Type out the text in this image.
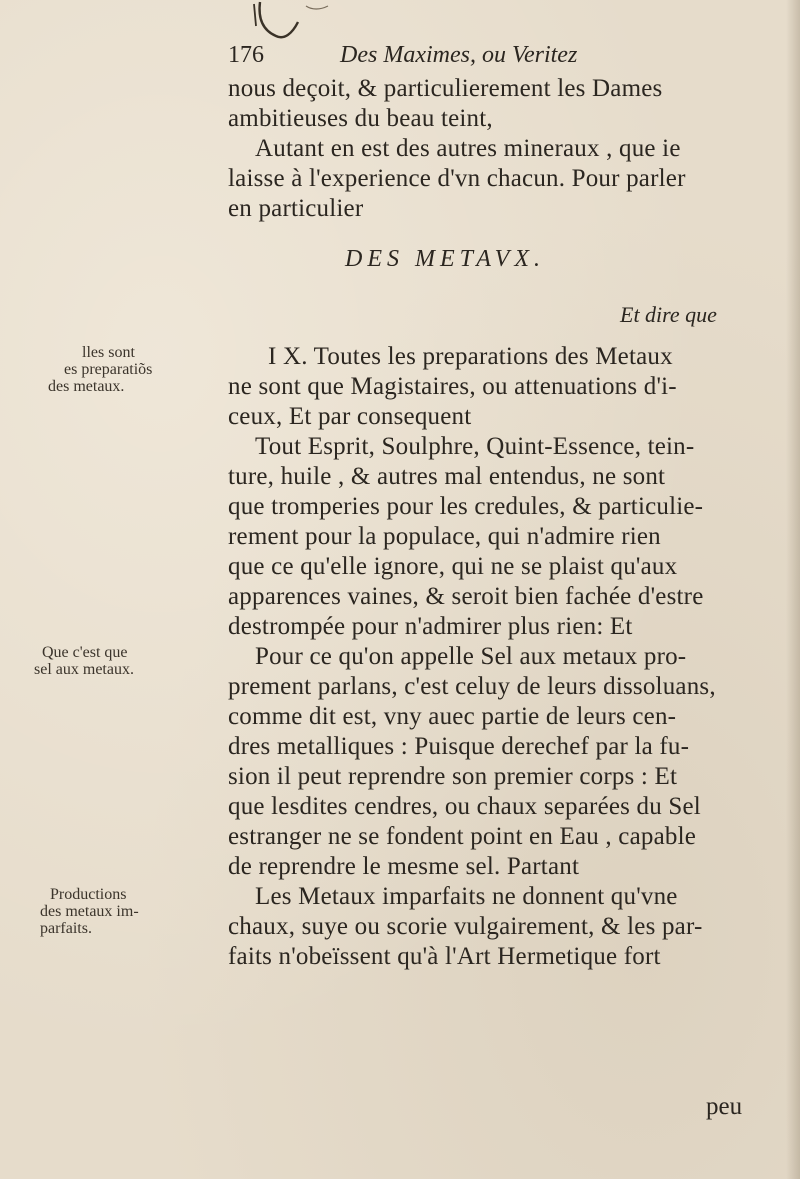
176	Des Maximes, ou Veritez
nous deçoit, & particulierement les Dames
ambitieuses du beau teint,
Autant en est des autres mineraux , que ie
laisse à l'experience d'vn chacun. Pour parler
en particulier
DES METAVX.
Et dire que
I X. Toutes les preparations des Metaux
ne sont que Magistaires, ou attenuations d'i-
ceux, Et par consequent
Tout Esprit, Soulphre, Quint-Essence, tein-
ture, huile , & autres mal entendus, ne sont
que tromperies pour les credules, & particulie-
rement pour la populace, qui n'admire rien
que ce qu'elle ignore, qui ne se plaist qu'aux
apparences vaines, & seroit bien fachée d'estre
destrompée pour n'admirer plus rien: Et
Pour ce qu'on appelle Sel aux metaux pro-
prement parlans, c'est celuy de leurs dissoluans,
comme dit est, vny auec partie de leurs cen-
dres metalliques : Puisque derechef par la fu-
sion il peut reprendre son premier corps : Et
que lesdites cendres, ou chaux separées du Sel
estranger ne se fondent point en Eau , capable
de reprendre le mesme sel. Partant
Les Metaux imparfaits ne donnent qu'vne
chaux, suye ou scorie vulgairement, & les par-
faits n'obeïssent qu'à l'Art Hermetique fort
peu
lles sont
es preparatiõs
des metaux.
Que c'est que
sel aux metaux.
Productions
des metaux im-
parfaits.
